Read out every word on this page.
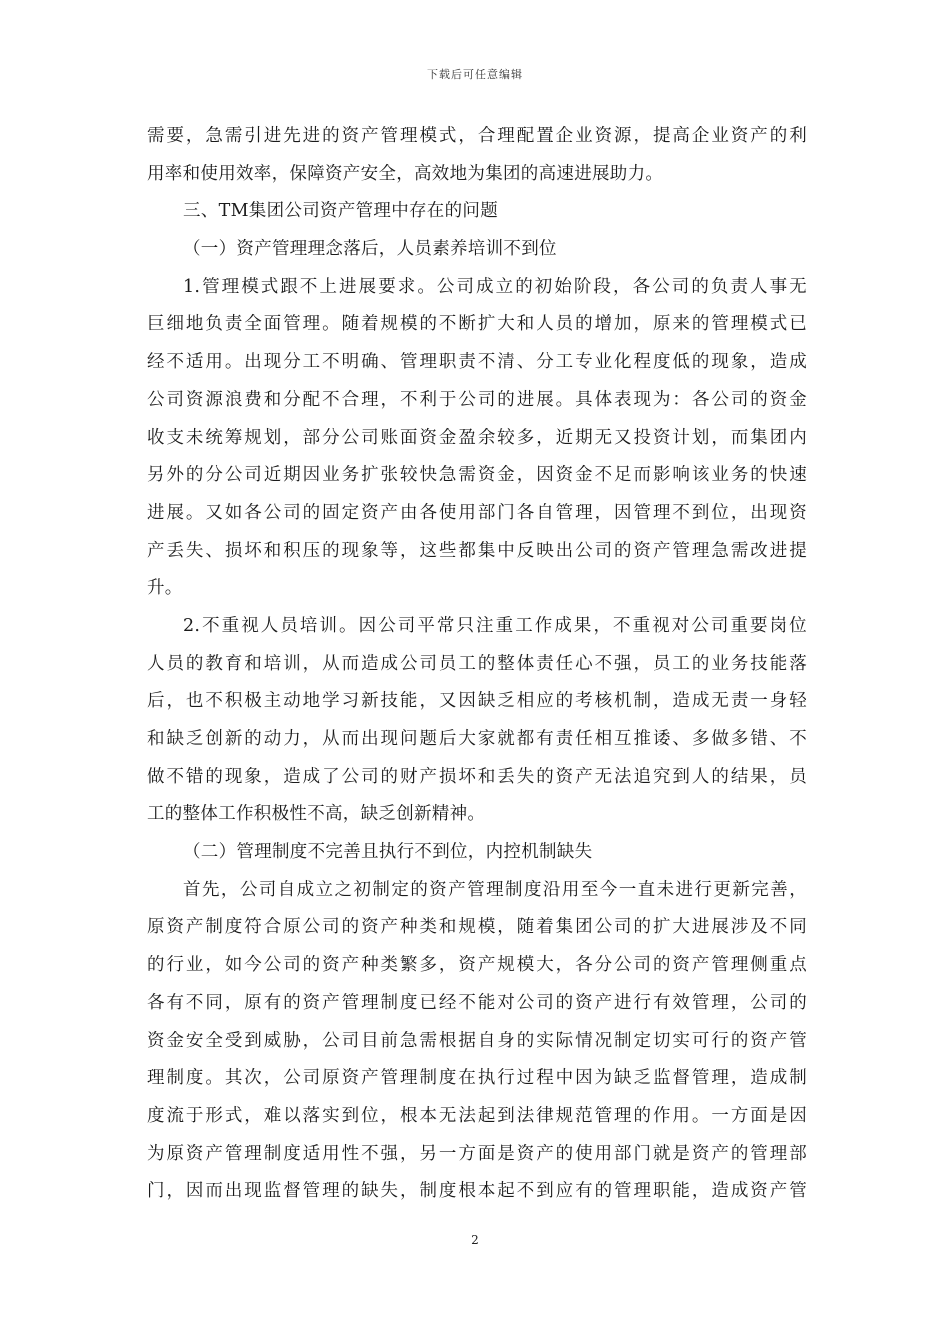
下载后可任意编辑
需要，急需引进先进的资产管理模式，合理配置企业资源，提高企业资产的利
用率和使用效率，保障资产安全，高效地为集团的高速进展助力。
三、TM集团公司资产管理中存在的问题
（一）资产管理理念落后，人员素养培训不到位
1.管理模式跟不上进展要求。公司成立的初始阶段，各公司的负责人事无
巨细地负责全面管理。随着规模的不断扩大和人员的增加，原来的管理模式已
经不适用。出现分工不明确、管理职责不清、分工专业化程度低的现象，造成
公司资源浪费和分配不合理，不利于公司的进展。具体表现为：各公司的资金
收支未统筹规划，部分公司账面资金盈余较多，近期无又投资计划，而集团内
另外的分公司近期因业务扩张较快急需资金，因资金不足而影响该业务的快速
进展。又如各公司的固定资产由各使用部门各自管理，因管理不到位，出现资
产丢失、损坏和积压的现象等，这些都集中反映出公司的资产管理急需改进提
升。
2.不重视人员培训。因公司平常只注重工作成果，不重视对公司重要岗位
人员的教育和培训，从而造成公司员工的整体责任心不强，员工的业务技能落
后，也不积极主动地学习新技能，又因缺乏相应的考核机制，造成无责一身轻
和缺乏创新的动力，从而出现问题后大家就都有责任相互推诿、多做多错、不
做不错的现象，造成了公司的财产损坏和丢失的资产无法追究到人的结果，员
工的整体工作积极性不高，缺乏创新精神。
（二）管理制度不完善且执行不到位，内控机制缺失
首先，公司自成立之初制定的资产管理制度沿用至今一直未进行更新完善，
原资产制度符合原公司的资产种类和规模，随着集团公司的扩大进展涉及不同
的行业，如今公司的资产种类繁多，资产规模大，各分公司的资产管理侧重点
各有不同，原有的资产管理制度已经不能对公司的资产进行有效管理，公司的
资金安全受到威胁，公司目前急需根据自身的实际情况制定切实可行的资产管
理制度。其次，公司原资产管理制度在执行过程中因为缺乏监督管理，造成制
度流于形式，难以落实到位，根本无法起到法律规范管理的作用。一方面是因
为原资产管理制度适用性不强，另一方面是资产的使用部门就是资产的管理部
门，因而出现监督管理的缺失，制度根本起不到应有的管理职能，造成资产管
2
